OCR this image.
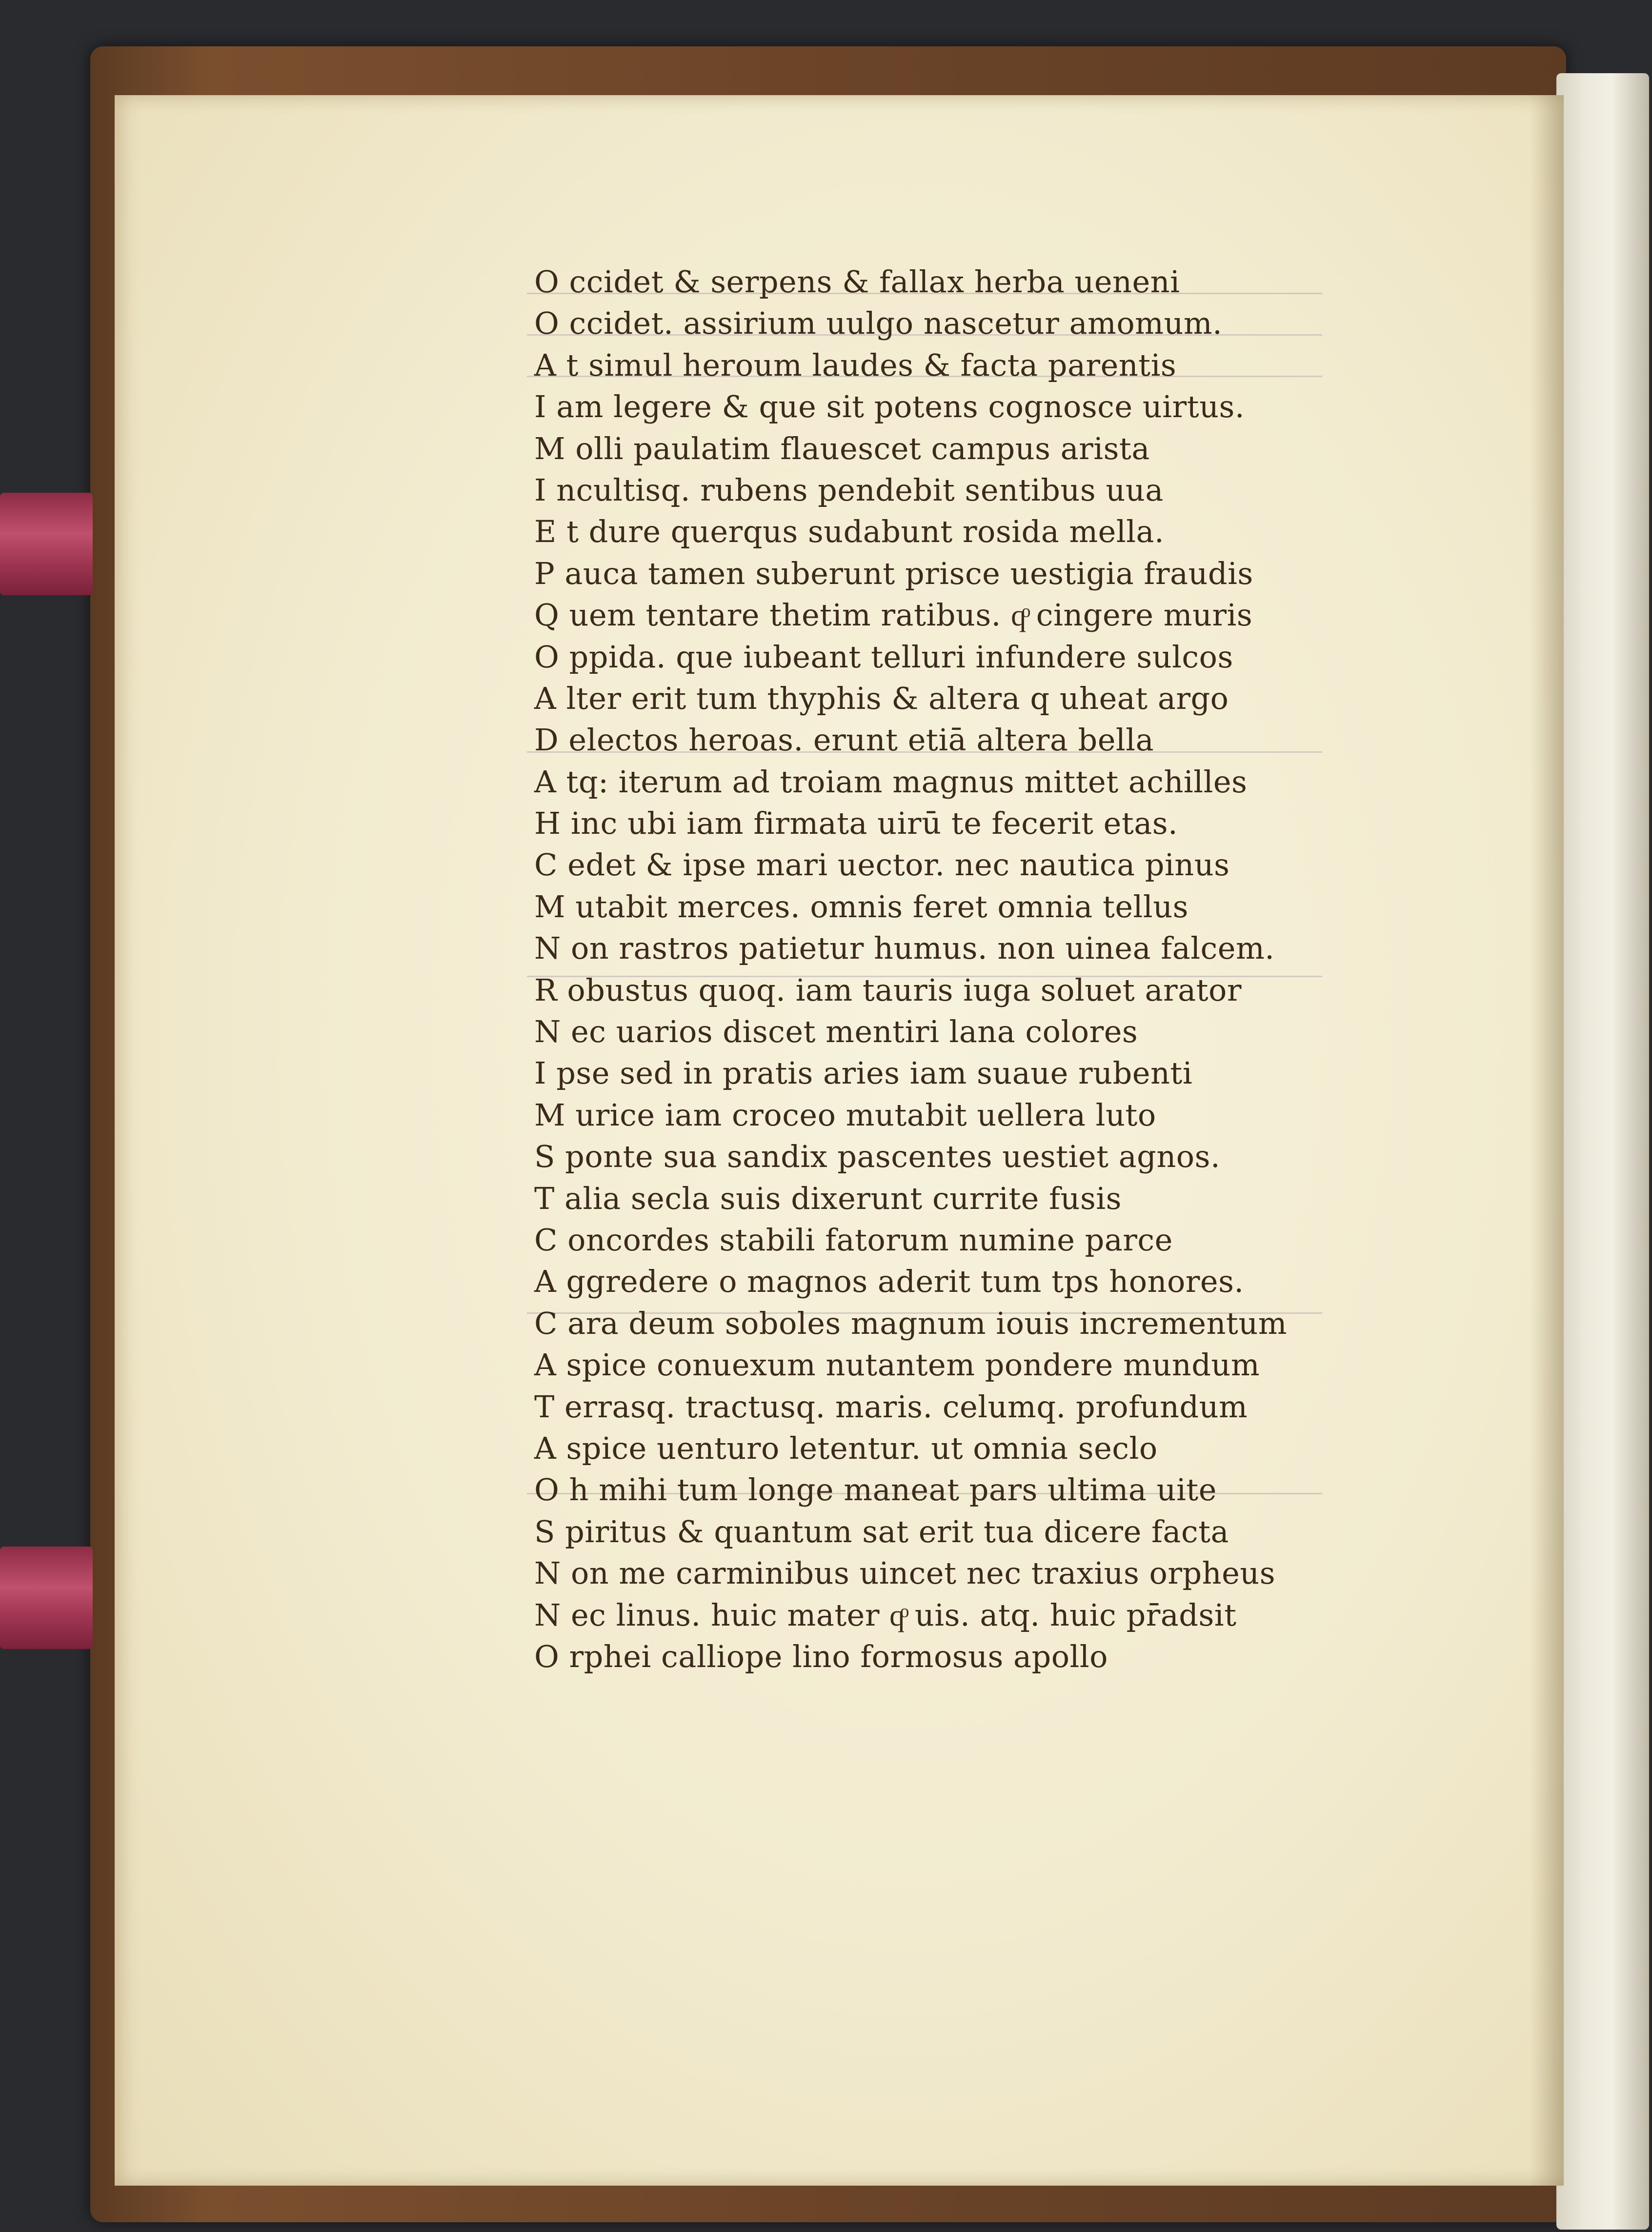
O ccidet & serpens & fallax herba ueneni
O ccidet. assirium uulgo nascetur amomum.
A t simul heroum laudes & facta parentis
I am legere & que sit potens cognosce uirtus.
M olli paulatim flauescet campus arista
I ncultisq. rubens pendebit sentibus uua
E t dure querqus sudabunt rosida mella.
P auca tamen suberunt prisce uestigia fraudis
Q uem tentare thetim ratibus. qͦ cingere muris
O ppida. que iubeant telluri infundere sulcos
A lter erit tum thyphis & altera q uheat argo
D electos heroas. erunt etiā altera bella
A tq: iterum ad troiam magnus mittet achilles
H inc ubi iam firmata uirū te fecerit etas.
C edet & ipse mari uector. nec nautica pinus
M utabit merces. omnis feret omnia tellus
N on rastros patietur humus. non uinea falcem.
R obustus quoq. iam tauris iuga soluet arator
N ec uarios discet mentiri lana colores
I pse sed in pratis aries iam suaue rubenti
M urice iam croceo mutabit uellera luto
S ponte sua sandix pascentes uestiet agnos.
T alia secla suis dixerunt currite fusis
C oncordes stabili fatorum numine parce
A ggredere o magnos aderit tum tps honores.
C ara deum soboles magnum iouis incrementum
A spice conuexum nutantem pondere mundum
T errasq. tractusq. maris. celumq. profundum
A spice uenturo letentur. ut omnia seclo
O h mihi tum longe maneat pars ultima uite
S piritus & quantum sat erit tua dicere facta
N on me carminibus uincet nec traxius orpheus
N ec linus. huic mater qͦ uis. atq. huic pr̄adsit
O rphei calliope lino formosus apollo
